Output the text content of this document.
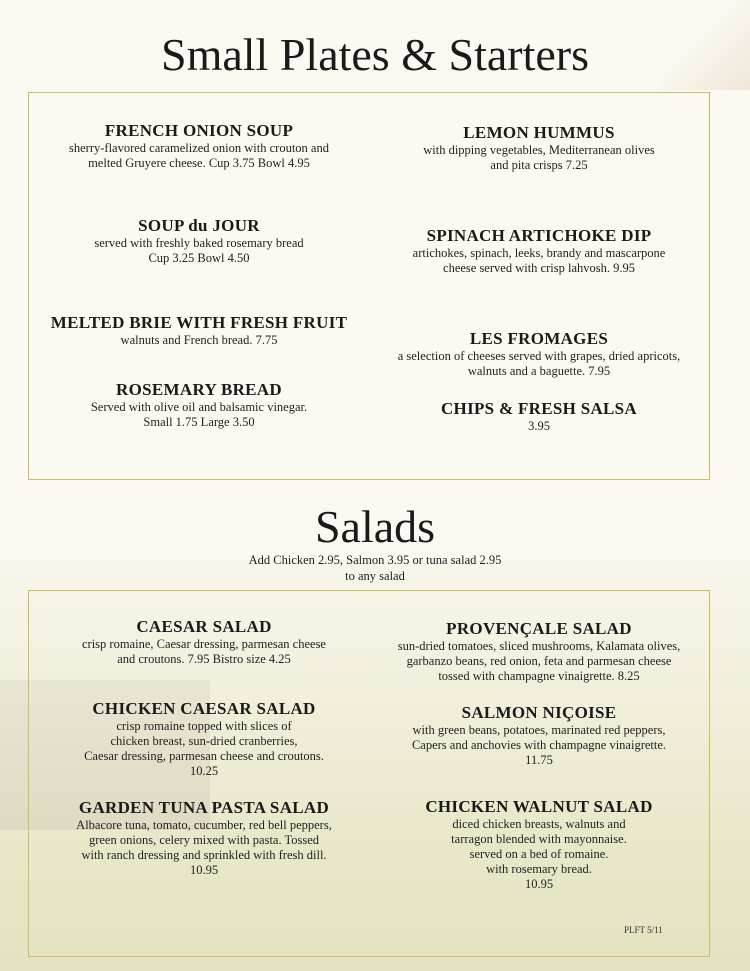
Small Plates & Starters
FRENCH ONION SOUP
sherry-flavored caramelized onion with crouton and
melted Gruyere cheese. Cup 3.75 Bowl 4.95
SOUP du JOUR
served with freshly baked rosemary bread
Cup 3.25 Bowl 4.50
MELTED BRIE WITH FRESH FRUIT
walnuts and French bread. 7.75
ROSEMARY BREAD
Served with olive oil and balsamic vinegar.
Small 1.75 Large 3.50
LEMON HUMMUS
with dipping vegetables, Mediterranean olives
and pita crisps 7.25
SPINACH ARTICHOKE DIP
artichokes, spinach, leeks, brandy and mascarpone
cheese served with crisp lahvosh. 9.95
LES FROMAGES
a selection of cheeses served with grapes, dried apricots,
walnuts and a baguette. 7.95
CHIPS & FRESH SALSA
3.95
Salads
Add Chicken 2.95, Salmon 3.95 or tuna salad 2.95
to any salad
CAESAR SALAD
crisp romaine, Caesar dressing, parmesan cheese
and croutons. 7.95 Bistro size 4.25
CHICKEN CAESAR SALAD
crisp romaine topped with slices of
chicken breast, sun-dried cranberries,
Caesar dressing, parmesan cheese and croutons.
10.25
GARDEN TUNA PASTA SALAD
Albacore tuna, tomato, cucumber, red bell peppers,
green onions, celery mixed with pasta. Tossed
with ranch dressing and sprinkled with fresh dill.
10.95
PROVENÇALE SALAD
sun-dried tomatoes, sliced mushrooms, Kalamata olives,
garbanzo beans, red onion, feta and parmesan cheese
tossed with champagne vinaigrette. 8.25
SALMON NIÇOISE
with green beans, potatoes, marinated red peppers,
Capers and anchovies with champagne vinaigrette.
11.75
CHICKEN WALNUT SALAD
diced chicken breasts, walnuts and
tarragon blended with mayonnaise.
served on a bed of romaine.
with rosemary bread.
10.95
PLFT 5/11
